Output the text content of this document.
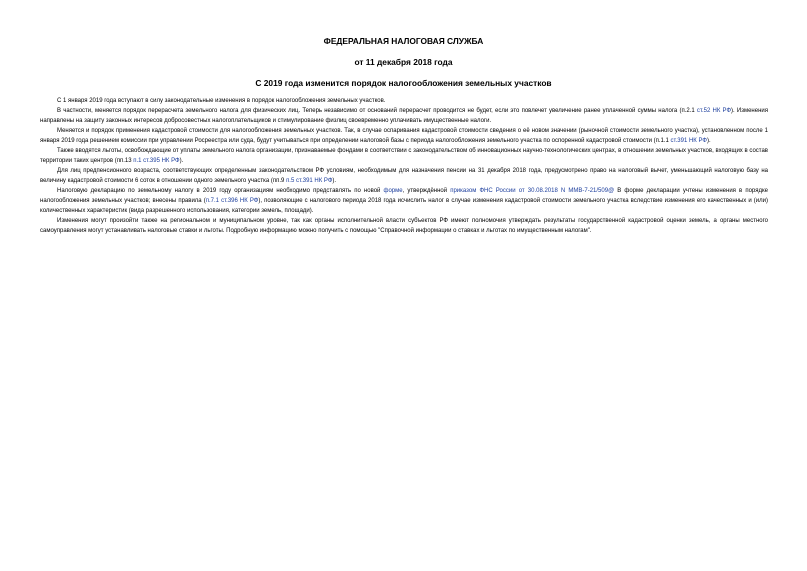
ФЕДЕРАЛЬНАЯ НАЛОГОВАЯ СЛУЖБА
от 11 декабря 2018 года
С 2019 года изменится порядок налогообложения земельных участков

С 1 января 2019 года вступают в силу законодательные изменения в порядок налогообложения земельных участков.

В частности, меняется порядок перерасчета земельного налога для физических лиц. Теперь независимо от оснований перерасчет проводится не будет, если это повлечет увеличение ранее уплаченной суммы налога (п.2.1 ст.52 НК РФ). Изменения направлены на защиту законных интересов добросовестных налогоплательщиков и стимулирование физлиц своевременно уплачивать имущественные налоги.

Меняется и порядок применения кадастровой стоимости для налогообложения земельных участков. Так, в случае оспаривания кадастровой стоимости сведения о её новом значении (рыночной стоимости земельного участка), установленном после 1 января 2019 года решением комиссии при управлении Росреестра или суда, будут учитываться при определении налоговой базы с периода налогообложения земельного участка по оспоренной кадастровой стоимости (п.1.1 ст.391 НК РФ).

Также вводятся льготы, освобождающие от уплаты земельного налога организации, признаваемые фондами в соответствии с законодательством об инновационных научно-технологических центрах, в отношении земельных участков, входящих в состав территории таких центров (пп.13 п.1 ст.395 НК РФ).

Для лиц предпенсионного возраста, соответствующих определенным законодательством РФ условиям, необходимым для назначения пенсии на 31 декабря 2018 года, предусмотрено право на налоговый вычет, уменьшающий налоговую базу на величину кадастровой стоимости 6 соток в отношении одного земельного участка (пп.9 п.5 ст.391 НК РФ).

Налоговую декларацию по земельному налогу в 2019 году организациям необходимо представлять по новой форме, утверждённой приказом ФНС России от 30.08.2018 N ММВ-7-21/509@ В форме декларации учтены изменения в порядке налогообложения земельных участков; внесены правила (п.7.1 ст.396 НК РФ), позволяющие с налогового периода 2018 года исчислить налог в случае изменения кадастровой стоимости земельного участка вследствие изменения его качественных и (или) количественных характеристик (вида разрешенного использования, категории земель, площади).

Изменения могут произойти также на региональном и муниципальном уровне, так как органы исполнительной власти субъектов РФ имеют полномочия утверждать результаты государственной кадастровой оценки земель, а органы местного самоуправления могут устанавливать налоговые ставки и льготы. Подробную информацию можно получить с помощью "Справочной информации о ставках и льготах по имущественным налогам".
